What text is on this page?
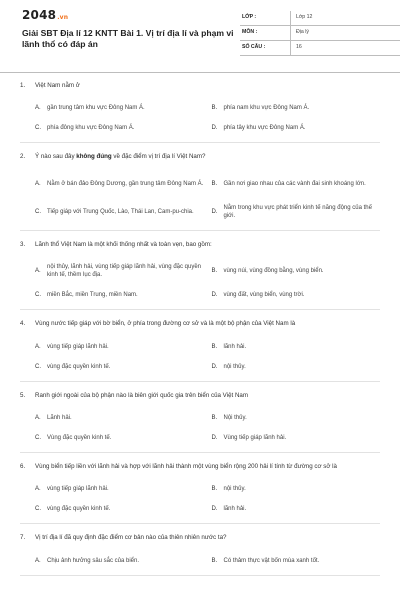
2048.vn
Giải SBT Địa lí 12 KNTT Bài 1. Vị trí địa lí và phạm vi lãnh thổ có đáp án
LỚP :	Lớp 12
MÔN :	Địa lý
SỐ CÂU :	16
1.	Việt Nam nằm ở
A.	gần trung tâm khu vực Đông Nam Á.	B.	phía nam khu vực Đông Nam Á.
C.	phía đông khu vực Đông Nam Á.	D.	phía tây khu vực Đông Nam Á.
2.	Ý nào sau đây không đúng về đặc điểm vị trí địa lí Việt Nam?
A.	Nằm ở bán đảo Đông Dương, gần trung tâm Đông Nam Á. B.	Gần nơi giao nhau của các vành đai sinh khoáng lớn.
C.	Tiếp giáp với Trung Quốc, Lào, Thái Lan, Cam-pu-chia.	D.
Nằm trong khu vực phát triển kinh tế năng động của thế giới.
3.	Lãnh thổ Việt Nam là một khối thống nhất và toàn vẹn, bao gồm:
A.
nội thủy, lãnh hải, vùng tiếp giáp lãnh hải, vùng đặc quyền kinh tế, thềm lục địa.
B.	vùng núi, vùng đồng bằng, vùng biển.
C.	miền Bắc, miền Trung, miền Nam.	D.	vùng đất, vùng biển, vùng trời.
4.	Vùng nước tiếp giáp với bờ biển, ở phía trong đường cơ sở và là một bộ phận của Việt Nam là
A.	vùng tiếp giáp lãnh hải.	B.	lãnh hải.
C.	vùng đặc quyền kinh tế.	D.	nội thủy.
5.	Ranh giới ngoài của bộ phận nào là biên giới quốc gia trên biển của Việt Nam
A.	Lãnh hải.	B.	Nội thủy.
C.	Vùng đặc quyền kinh tế.	D.	Vùng tiếp giáp lãnh hải.
6.	Vùng biển tiếp liền với lãnh hải và hợp với lãnh hải thành một vùng biển rộng 200 hải lí tính từ đường cơ sở là
A.	vùng tiếp giáp lãnh hải.	B.	nội thủy.
C.	vùng đặc quyền kinh tế.	D.	lãnh hải.
7.	Vị trí địa lí đã quy định đặc điểm cơ bản nào của thiên nhiên nước ta?
A.	Chịu ảnh hưởng sâu sắc của biển.	B.	Có thảm thực vật bốn mùa xanh tốt.
